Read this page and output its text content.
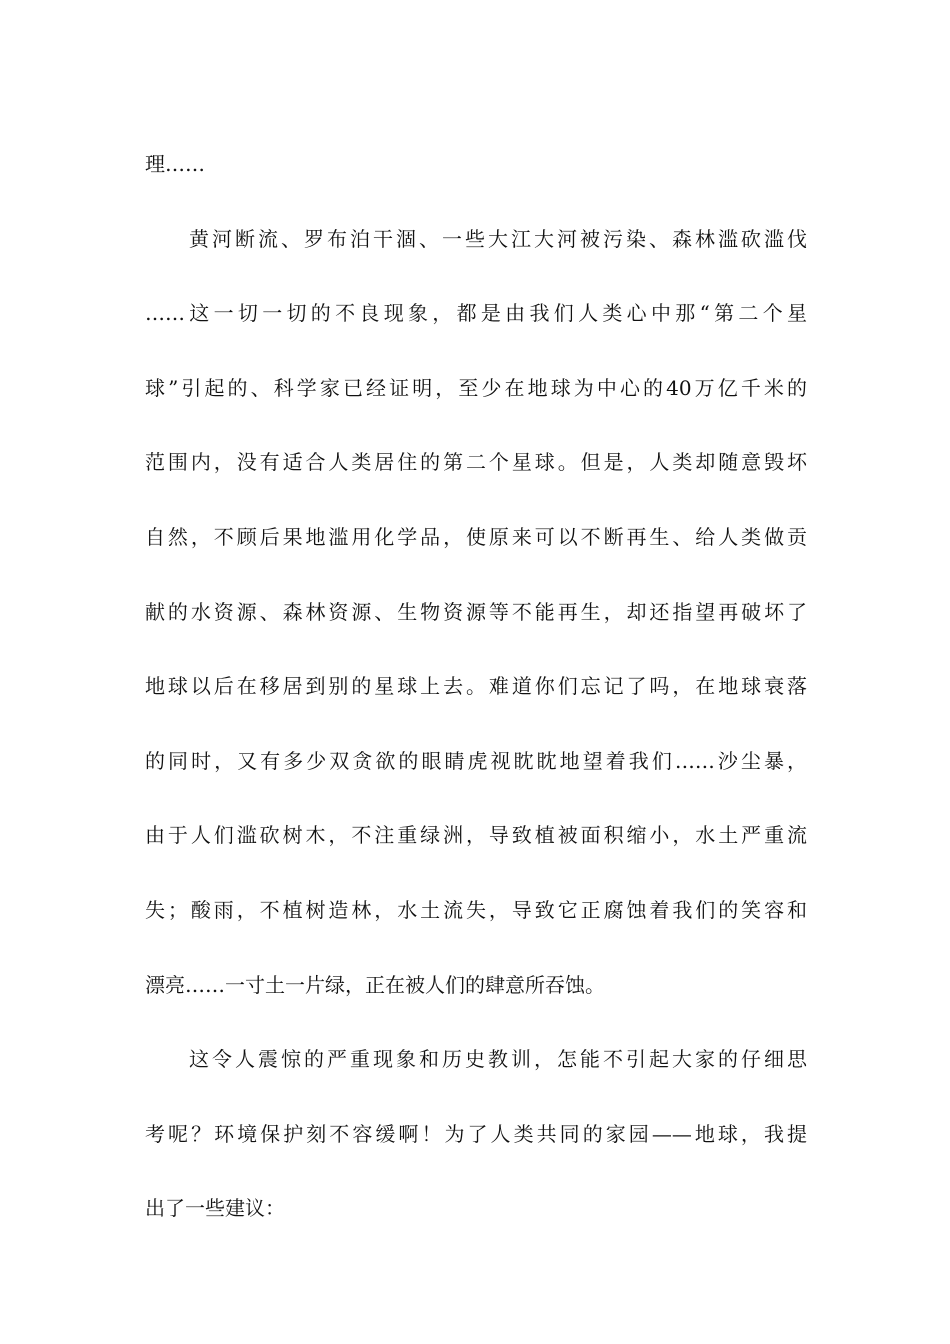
理……
黄河断流、罗布泊干涸、一些大江大河被污染、森林滥砍滥伐
……这一切一切的不良现象，都是由我们人类心中那“第二个星
球”引起的、科学家已经证明，至少在地球为中心的40万亿千米的
范围内，没有适合人类居住的第二个星球。但是，人类却随意毁坏
自然，不顾后果地滥用化学品，使原来可以不断再生、给人类做贡
献的水资源、森林资源、生物资源等不能再生，却还指望再破坏了
地球以后在移居到别的星球上去。难道你们忘记了吗，在地球衰落
的同时，又有多少双贪欲的眼睛虎视眈眈地望着我们……沙尘暴，
由于人们滥砍树木，不注重绿洲，导致植被面积缩小，水土严重流
失；酸雨，不植树造林，水土流失，导致它正腐蚀着我们的笑容和
漂亮……一寸土一片绿，正在被人们的肆意所吞蚀。
这令人震惊的严重现象和历史教训，怎能不引起大家的仔细思
考呢？环境保护刻不容缓啊！为了人类共同的家园——地球，我提
出了一些建议：
